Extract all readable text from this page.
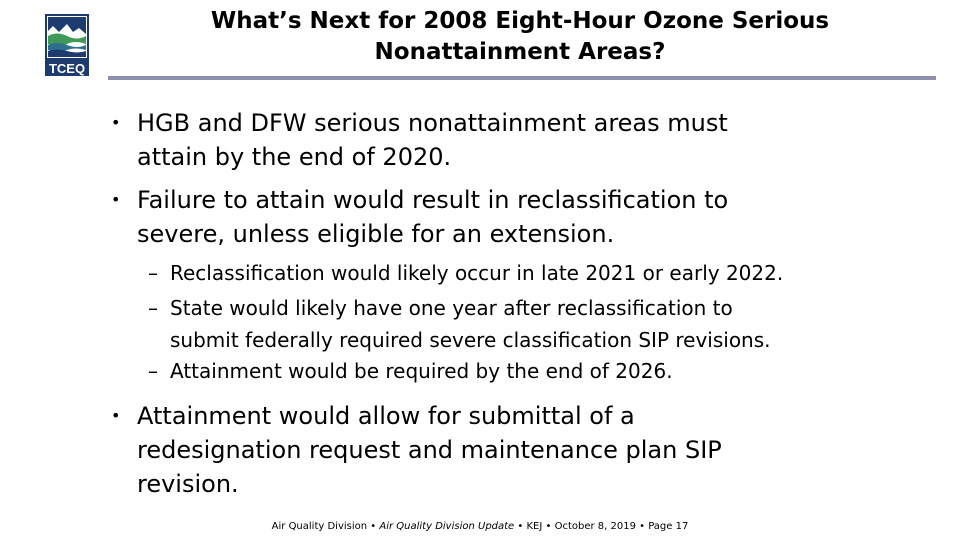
TCEQ
What’s Next for 2008 Eight-Hour Ozone Serious
Nonattainment Areas?
• HGB and DFW serious nonattainment areas must
attain by the end of 2020.
• Failure to attain would result in reclassification to
severe, unless eligible for an extension.
– Reclassification would likely occur in late 2021 or early 2022.
– State would likely have one year after reclassification to
submit federally required severe classification SIP revisions.
– Attainment would be required by the end of 2026.
• Attainment would allow for submittal of a
redesignation request and maintenance plan SIP
revision.
Air Quality Division • Air Quality Division Update • KEJ • October 8, 2019 • Page 17
